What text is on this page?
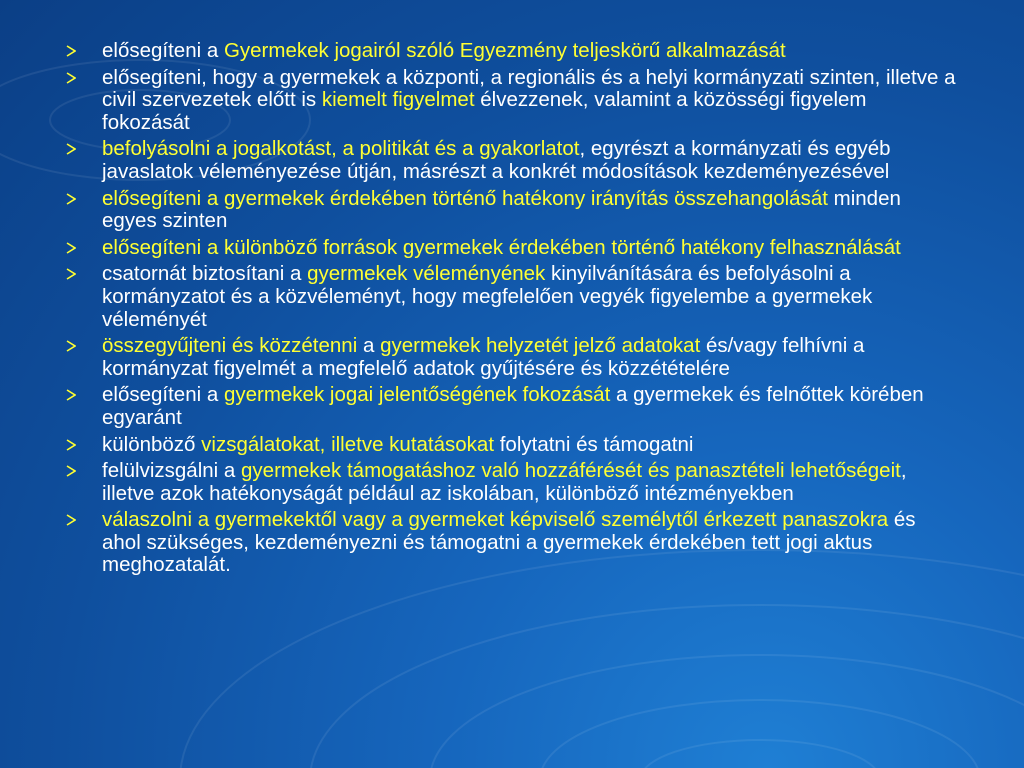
elősegíteni a Gyermekek jogairól szóló Egyezmény teljeskörű alkalmazását
elősegíteni, hogy a gyermekek a központi, a regionális és a helyi kormányzati szinten, illetve a civil szervezetek előtt is kiemelt figyelmet élvezzenek, valamint a közösségi figyelem fokozását
befolyásolni a jogalkotást, a politikát és a gyakorlatot, egyrészt a kormányzati és egyéb javaslatok véleményezése útján, másrészt a konkrét módosítások kezdeményezésével
elősegíteni a gyermekek érdekében történő hatékony irányítás összehangolását minden egyes szinten
elősegíteni a különböző források gyermekek érdekében történő hatékony felhasználását
csatornát biztosítani a gyermekek véleményének kinyilvánítására és befolyásolni a kormányzatot és a közvéleményt, hogy megfelelően vegyék figyelembe a gyermekek véleményét
összegyűjteni és közzétenni a gyermekek helyzetét jelző adatokat és/vagy felhívni a kormányzat figyelmét a megfelelő adatok gyűjtésére és közzétételére
elősegíteni a gyermekek jogai jelentőségének fokozását a gyermekek és felnőttek körében egyaránt
különböző vizsgálatokat, illetve kutatásokat folytatni és támogatni
felülvizsgálni a gyermekek támogatáshoz való hozzáférését és panasztételi lehetőségeit, illetve azok hatékonyságát például az iskolában, különböző intézményekben
válaszolni a gyermekektől vagy a gyermeket képviselő személytől érkezett panaszokra és ahol szükséges, kezdeményezni és támogatni a gyermekek érdekében tett jogi aktus meghozatalát.
